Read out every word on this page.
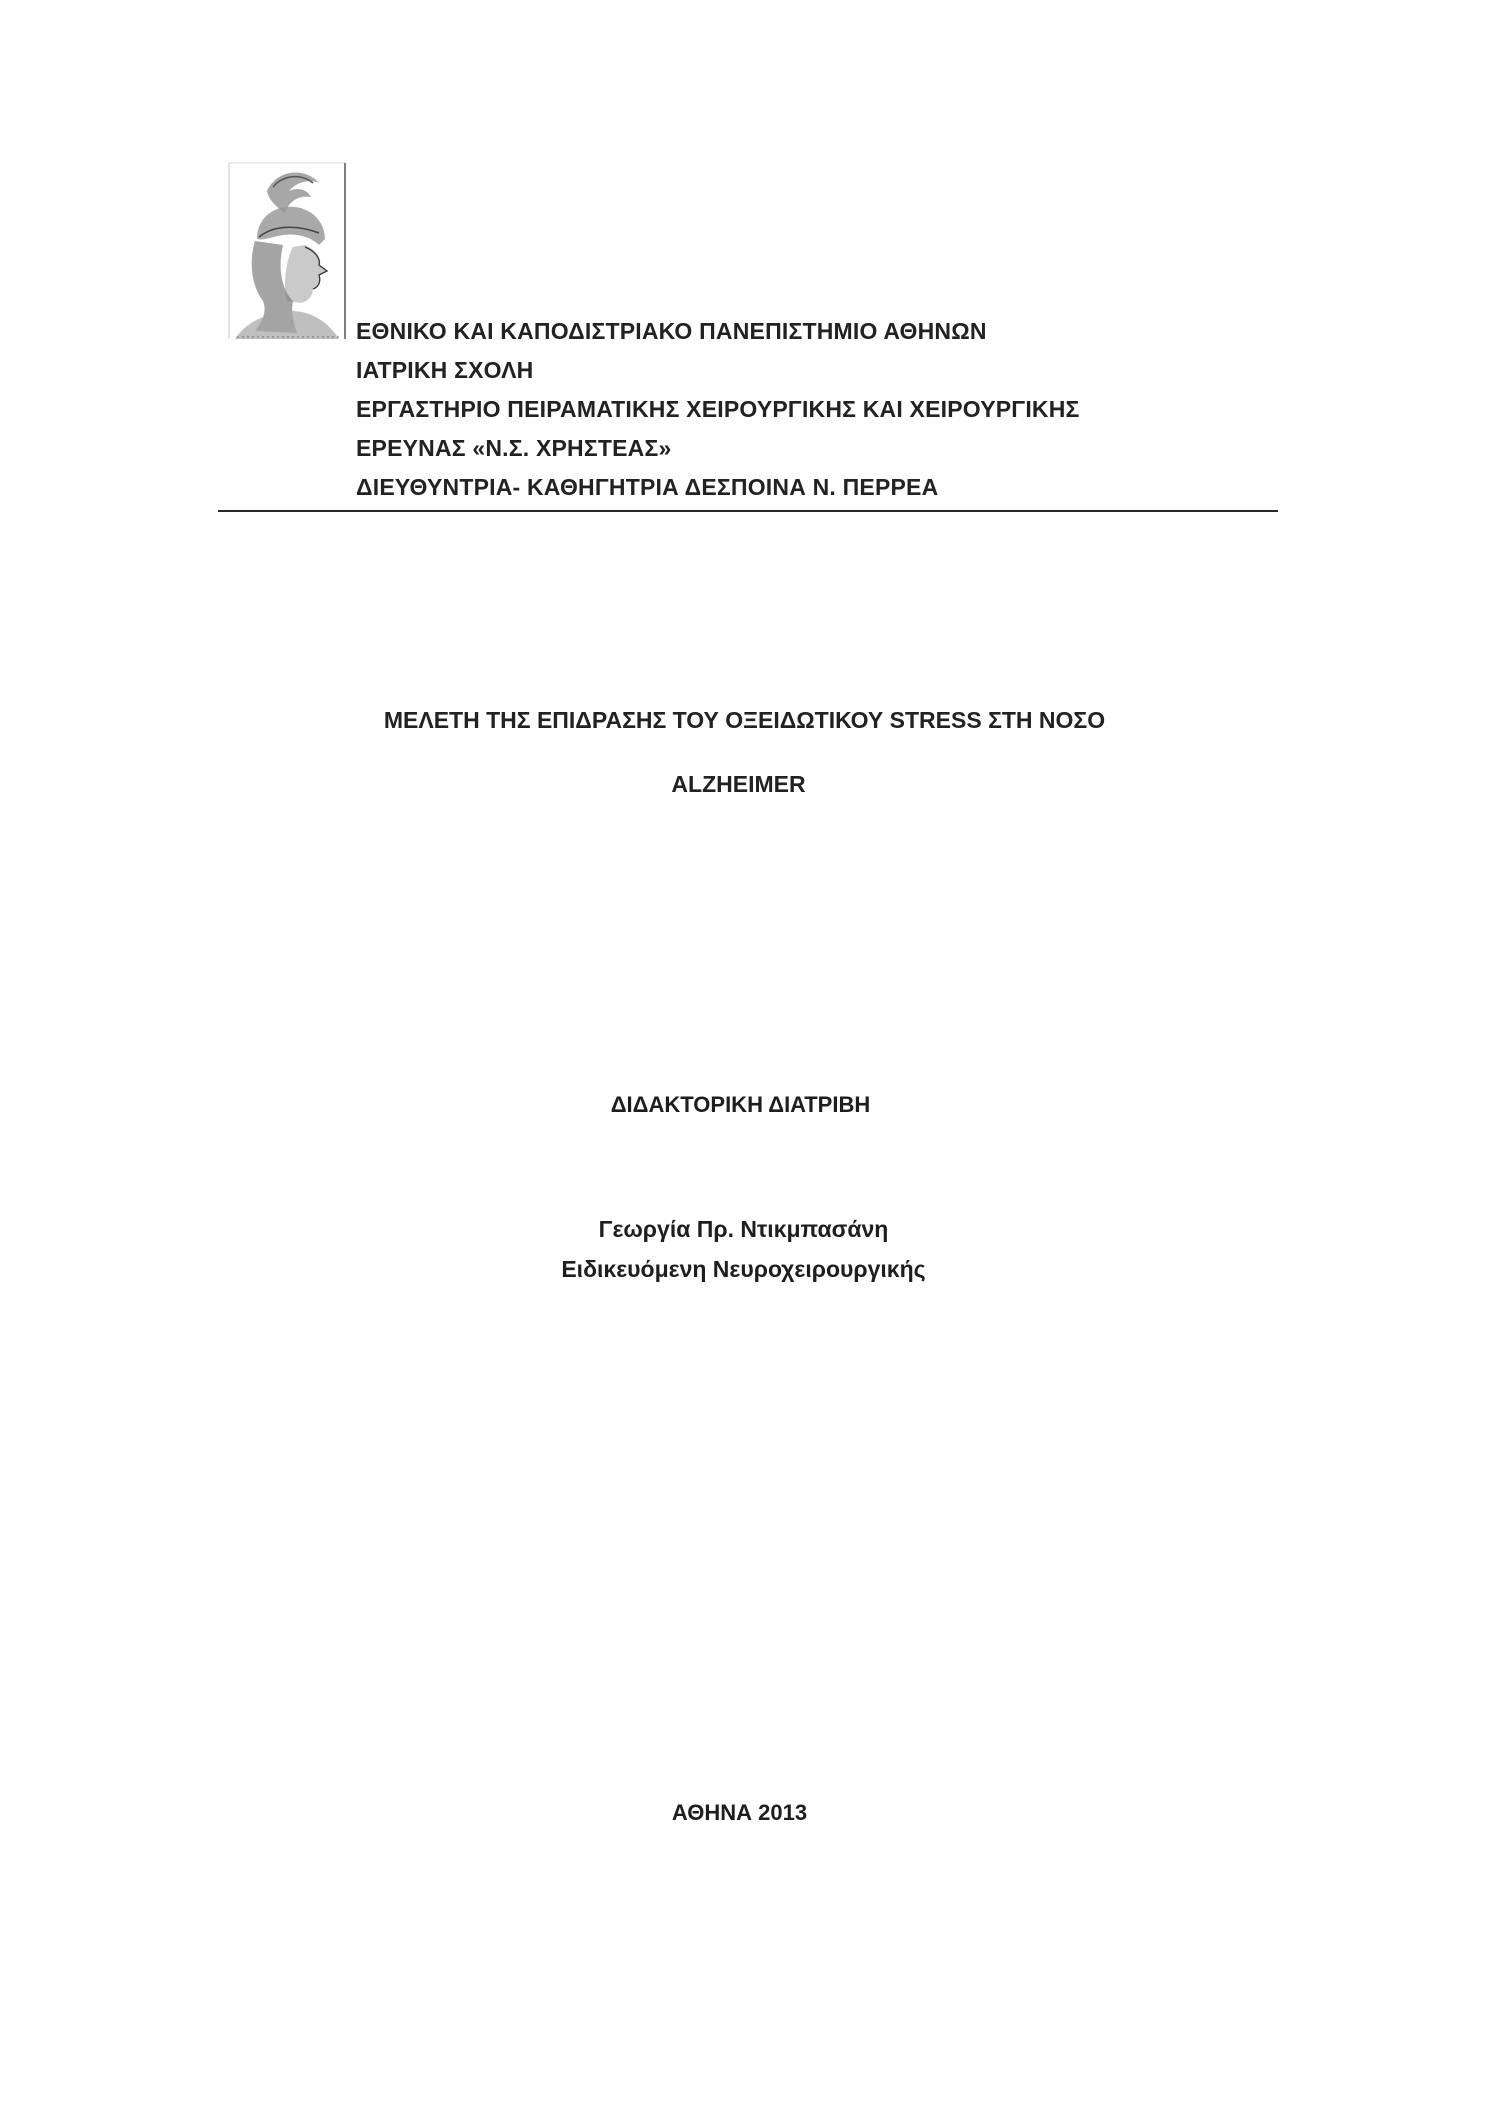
ΕΘΝΙΚΟ ΚΑΙ ΚΑΠΟΔΙΣΤΡΙΑΚΟ ΠΑΝΕΠΙΣΤΗΜΙΟ ΑΘΗΝΩΝ
ΙΑΤΡΙΚΗ ΣΧΟΛΗ
ΕΡΓΑΣΤΗΡΙΟ ΠΕΙΡΑΜΑΤΙΚΗΣ ΧΕΙΡΟΥΡΓΙΚΗΣ ΚΑΙ ΧΕΙΡΟΥΡΓΙΚΗΣ
ΕΡΕΥΝΑΣ «Ν.Σ. ΧΡΗΣΤΕΑΣ»
ΔΙΕΥΘΥΝΤΡΙΑ- ΚΑΘΗΓΗΤΡΙΑ ΔΕΣΠΟΙΝΑ Ν. ΠΕΡΡΕΑ
ΜΕΛΕΤΗ ΤΗΣ ΕΠΙΔΡΑΣΗΣ ΤΟΥ ΟΞΕΙΔΩΤΙΚΟΥ STRESS ΣΤΗ ΝΟΣΟ
ALZHEIMER
ΔΙΔΑΚΤΟΡΙΚΗ ΔΙΑΤΡΙΒΗ
Γεωργία Πρ. Ντικμπασάνη
Ειδικευόμενη Νευροχειρουργικής
ΑΘΗΝΑ 2013
